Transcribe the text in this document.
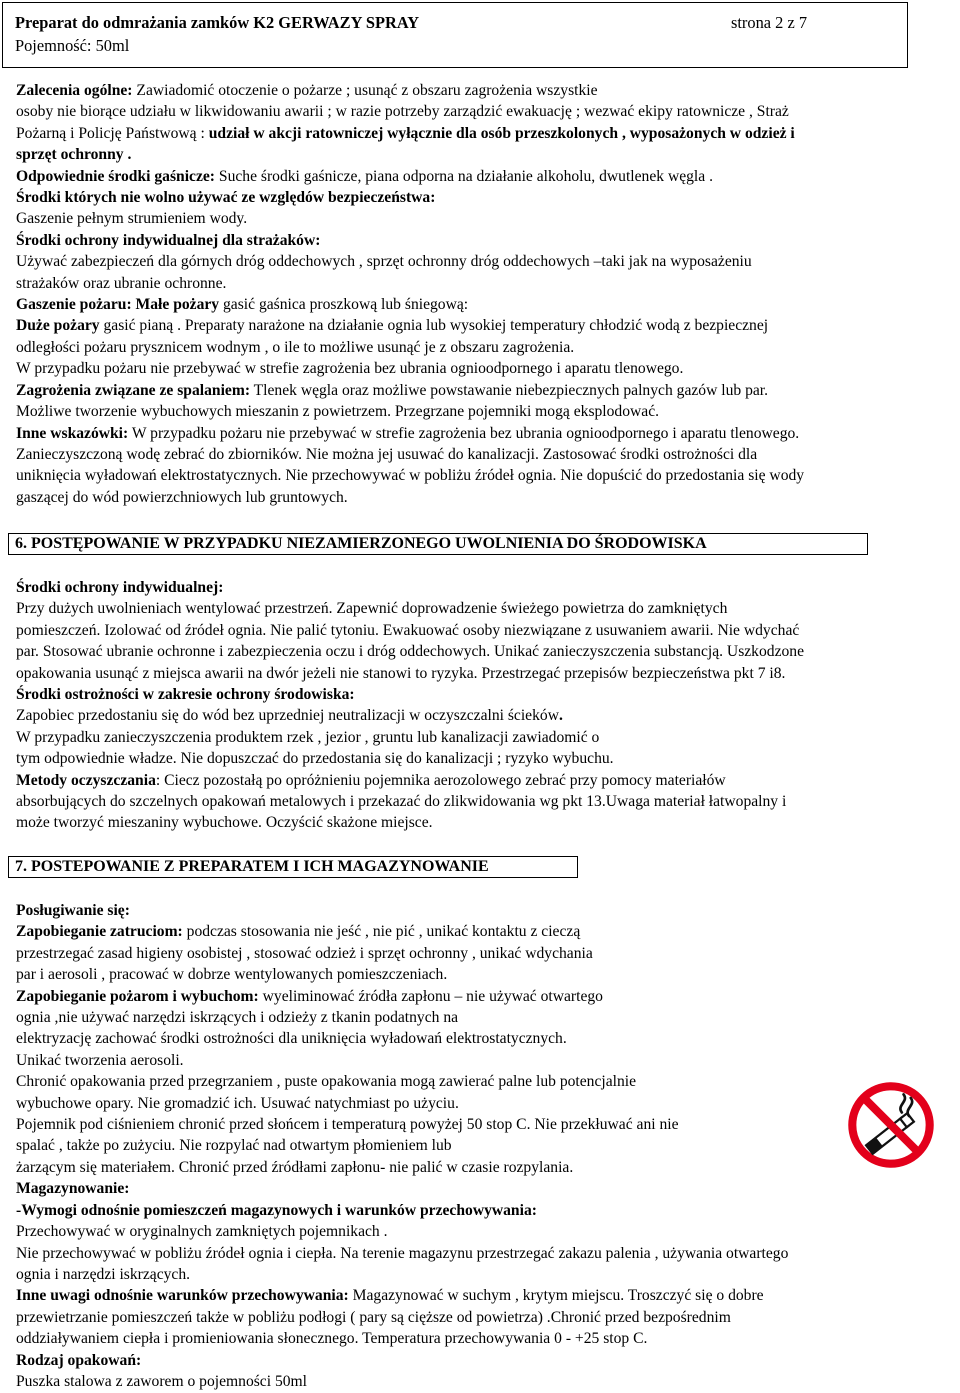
Preparat do odmrażania zamków K2 GERWAZY SPRAY	strona 2 z 7
Pojemność: 50ml

Zalecenia ogólne: Zawiadomić otoczenie o pożarze ; usunąć z obszaru zagrożenia wszystkie

osoby nie biorące udziału w likwidowaniu awarii ; w razie potrzeby zarządzić ewakuację ; wezwać ekipy ratownicze , Straż

Pożarną i Policję Państwową : udział w akcji ratowniczej wyłącznie dla osób przeszkolonych , wyposażonych w odzież i

sprzęt ochronny .

Odpowiednie środki gaśnicze: Suche środki gaśnicze, piana odporna na działanie alkoholu, dwutlenek węgla .

Środki których nie wolno używać ze względów bezpieczeństwa:

Gaszenie pełnym strumieniem wody.

Środki ochrony indywidualnej dla strażaków:

Używać zabezpieczeń dla górnych dróg oddechowych , sprzęt ochronny dróg oddechowych –taki jak na wyposażeniu

strażaków oraz ubranie ochronne.

Gaszenie pożaru: Małe pożary gasić gaśnica proszkową lub śniegową:

Duże pożary gasić pianą . Preparaty narażone na działanie ognia lub wysokiej temperatury chłodzić wodą z bezpiecznej

odległości pożaru prysznicem wodnym , o ile to możliwe usunąć je z obszaru zagrożenia.

W przypadku pożaru nie przebywać w strefie zagrożenia bez ubrania ognioodpornego i aparatu tlenowego.

Zagrożenia związane ze spalaniem: Tlenek węgla oraz możliwe powstawanie niebezpiecznych palnych gazów lub par.

Możliwe tworzenie wybuchowych mieszanin z powietrzem. Przegrzane pojemniki mogą eksplodować.

Inne wskazówki: W przypadku pożaru nie przebywać w strefie zagrożenia bez ubrania ognioodpornego i aparatu tlenowego.

Zanieczyszczoną wodę zebrać do zbiorników. Nie można jej usuwać do kanalizacji. Zastosować środki ostrożności dla

uniknięcia wyładowań elektrostatycznych. Nie przechowywać w pobliżu źródeł ognia. Nie dopuścić do przedostania się wody

gaszącej do wód powierzchniowych lub gruntowych.

6. POSTĘPOWANIE W PRZYPADKU NIEZAMIERZONEGO UWOLNIENIA DO ŚRODOWISKA

Środki ochrony indywidualnej:

Przy dużych uwolnieniach wentylować przestrzeń. Zapewnić doprowadzenie świeżego powietrza do zamkniętych

pomieszczeń. Izolować od źródeł ognia. Nie palić tytoniu. Ewakuować osoby niezwiązane z usuwaniem awarii. Nie wdychać

par. Stosować ubranie ochronne i zabezpieczenia oczu i dróg oddechowych. Unikać zanieczyszczenia substancją. Uszkodzone

opakowania usunąć z miejsca awarii na dwór jeżeli nie stanowi to ryzyka. Przestrzegać przepisów bezpieczeństwa pkt 7 i8.

Środki ostrożności w zakresie ochrony środowiska:

Zapobiec przedostaniu się do wód bez uprzedniej neutralizacji w oczyszczalni ścieków.

W przypadku zanieczyszczenia produktem rzek , jezior , gruntu lub kanalizacji zawiadomić o

tym odpowiednie władze. Nie dopuszczać do przedostania się do kanalizacji ; ryzyko wybuchu.

Metody oczyszczania: Ciecz pozostałą po opróżnieniu pojemnika aerozolowego zebrać przy pomocy materiałów

absorbujących do szczelnych opakowań metalowych i przekazać do zlikwidowania wg pkt 13.Uwaga materiał łatwopalny i

może tworzyć mieszaniny wybuchowe. Oczyścić skażone miejsce.

7. POSTEPOWANIE Z PREPARATEM I ICH MAGAZYNOWANIE

Posługiwanie się:

Zapobieganie zatruciom: podczas stosowania nie jeść , nie pić , unikać kontaktu z cieczą

przestrzegać zasad higieny osobistej , stosować odzież i sprzęt ochronny , unikać wdychania

par i aerosoli , pracować w dobrze wentylowanych pomieszczeniach.

Zapobieganie pożarom i wybuchom: wyeliminować źródła zapłonu – nie używać otwartego

ognia ,nie używać narzędzi iskrzących i odzieży z tkanin podatnych na

elektryzację zachować środki ostrożności dla uniknięcia wyładowań elektrostatycznych.

Unikać tworzenia aerosoli.

Chronić opakowania przed przegrzaniem , puste opakowania mogą zawierać palne lub potencjalnie

wybuchowe opary. Nie gromadzić ich. Usuwać natychmiast po użyciu.

Pojemnik pod ciśnieniem chronić przed słońcem i temperaturą powyżej 50 stop C. Nie przekłuwać ani nie

spalać , także po zużyciu. Nie rozpylać nad otwartym płomieniem lub

żarzącym się materiałem. Chronić przed źródłami zapłonu- nie palić w czasie rozpylania.

Magazynowanie:

-Wymogi odnośnie pomieszczeń magazynowych i warunków przechowywania:

Przechowywać w oryginalnych zamkniętych pojemnikach .

Nie przechowywać w pobliżu źródeł ognia i ciepła. Na terenie magazynu przestrzegać zakazu palenia , używania otwartego

ognia i narzędzi iskrzących.

Inne uwagi odnośnie warunków przechowywania: Magazynować w suchym , krytym miejscu. Troszczyć się o dobre

przewietrzanie pomieszczeń także w pobliżu podłogi ( pary są cięższe od powietrza) .Chronić przed bezpośrednim

oddziaływaniem ciepła i promieniowania słonecznego. Temperatura przechowywania 0 - +25 stop C.

Rodzaj opakowań:

Puszka stalowa z zaworem o pojemności 50ml
